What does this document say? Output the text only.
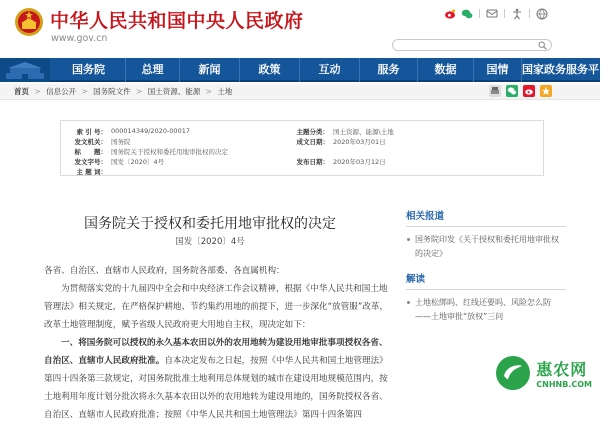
中华人民共和国中央人民政府
www.gov.cn
| | |
国务院	总理	新闻	政策	互动	服务	数据	国情	国家政务服务平台
首页 > 信息公开 > 国务院文件 > 国土资源、能源 > 土地
索 引 号： 000014349/2020-00017	主题分类： 国土资源、能源\土地
发文机关： 国务院	成文日期： 2020年03月01日
标　　题： 国务院关于授权和委托用地审批权的决定
发文字号： 国发〔2020〕4号	发布日期： 2020年03月12日
主 题 词：
国务院关于授权和委托用地审批权的决定
国发〔2020〕4号
各省、自治区、直辖市人民政府，国务院各部委、各直属机构：
为贯彻落实党的十九届四中全会和中央经济工作会议精神，根据《中华人民共和国土地管理法》相关规定，在严格保护耕地、节约集约用地的前提下，进一步深化“放管服”改革，改革土地管理制度，赋予省级人民政府更大用地自主权，现决定如下：
一、将国务院可以授权的永久基本农田以外的农用地转为建设用地审批事项授权各省、自治区、直辖市人民政府批准。自本决定发布之日起，按照《中华人民共和国土地管理法》第四十四条第三款规定，对国务院批准土地利用总体规划的城市在建设用地规模范围内，按土地利用年度计划分批次将永久基本农田以外的农用地转为建设用地的，国务院授权各省、自治区、直辖市人民政府批准；按照《中华人民共和国土地管理法》第四十四条第四
相关报道
国务院印发《关于授权和委托用地审批权的决定》
解读
土地松绑吗、红线还要吗、风险怎么防——土地审批“放权”三问
惠农网
CNHNB.COM
